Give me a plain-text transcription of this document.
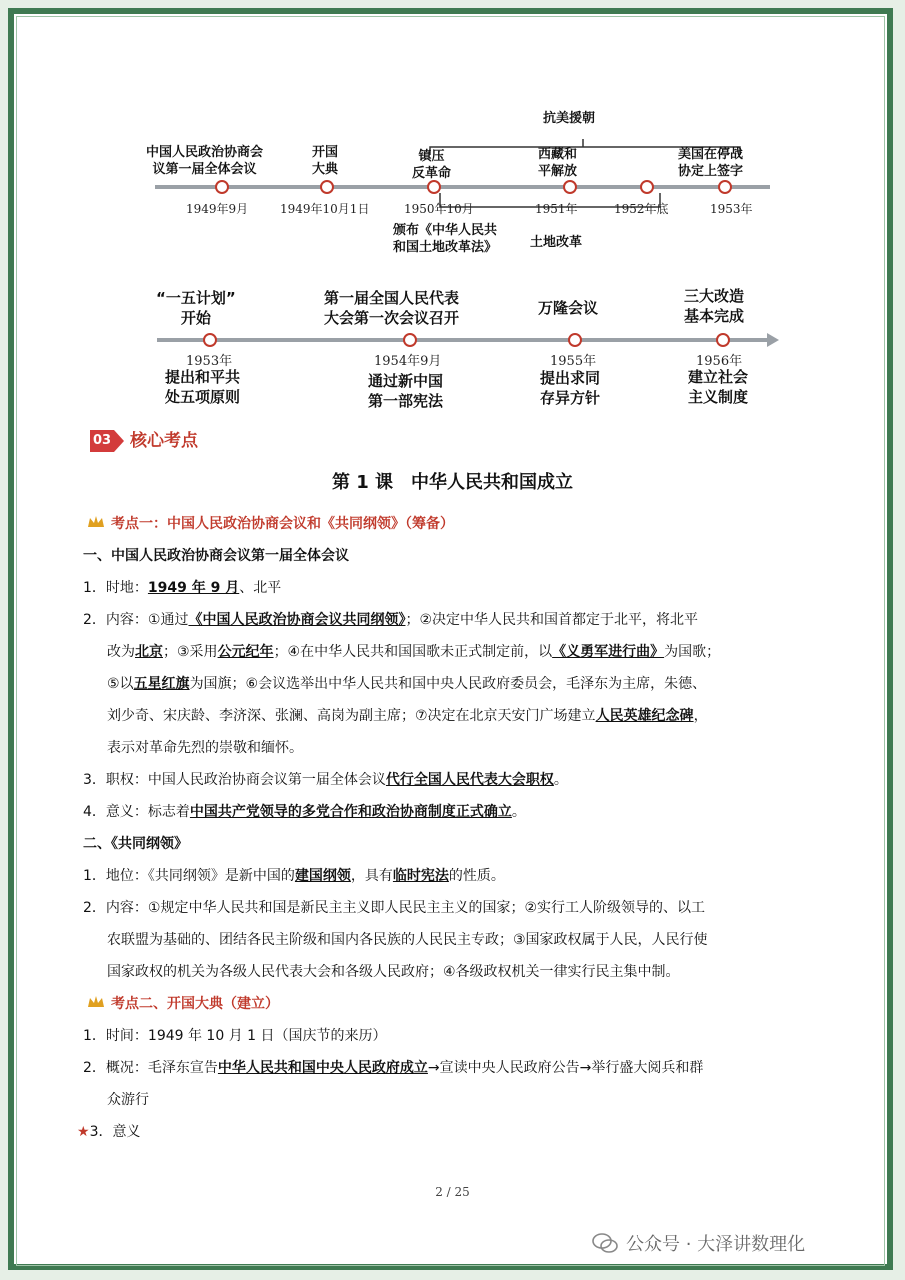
中国人民政治协商会
议第一届全体会议
开国
大典
镇压
反革命
西藏和
平解放
美国在停战
协定上签字
抗美援朝
1949年9月	1949年10月1日	1950年10月	1951年	1952年底	1953年
颁布《中华人民共
和国土地改革法》	土地改革
“一五计划”
开始
第一届全国人民代表
大会第一次会议召开
万隆会议
三大改造
基本完成
1953年	1954年9月	1955年	1956年
提出和平共
处五项原则
通过新中国
第一部宪法
提出求同
存异方针
建立社会
主义制度
03 核心考点
第 1 课　中华人民共和国成立

考点一：中国人民政治协商会议和《共同纲领》（筹备）

一、中国人民政治协商会议第一届全体会议

1．时地：1949 年 9 月、北平

2．内容：①通过《中国人民政治协商会议共同纲领》；②决定中华人民共和国首都定于北平，将北平

改为北京；③采用公元纪年；④在中华人民共和国国歌未正式制定前，以《义勇军进行曲》为国歌；

⑤以五星红旗为国旗；⑥会议选举出中华人民共和国中央人民政府委员会，毛泽东为主席，朱德、

刘少奇、宋庆龄、李济深、张澜、高岗为副主席；⑦决定在北京天安门广场建立人民英雄纪念碑，

表示对革命先烈的崇敬和缅怀。

3．职权：中国人民政治协商会议第一届全体会议代行全国人民代表大会职权。

4．意义：标志着中国共产党领导的多党合作和政治协商制度正式确立。

二、《共同纲领》

1．地位：《共同纲领》是新中国的建国纲领，具有临时宪法的性质。

2．内容：①规定中华人民共和国是新民主主义即人民民主主义的国家；②实行工人阶级领导的、以工

农联盟为基础的、团结各民主阶级和国内各民族的人民民主专政；③国家政权属于人民，人民行使

国家政权的机关为各级人民代表大会和各级人民政府；④各级政权机关一律实行民主集中制。

考点二、开国大典（建立）

1．时间：1949 年 10 月 1 日（国庆节的来历）

2．概况：毛泽东宣告中华人民共和国中央人民政府成立→宣读中央人民政府公告→举行盛大阅兵和群

众游行

★3．意义

2 / 25
公众号 · 大泽讲数理化
